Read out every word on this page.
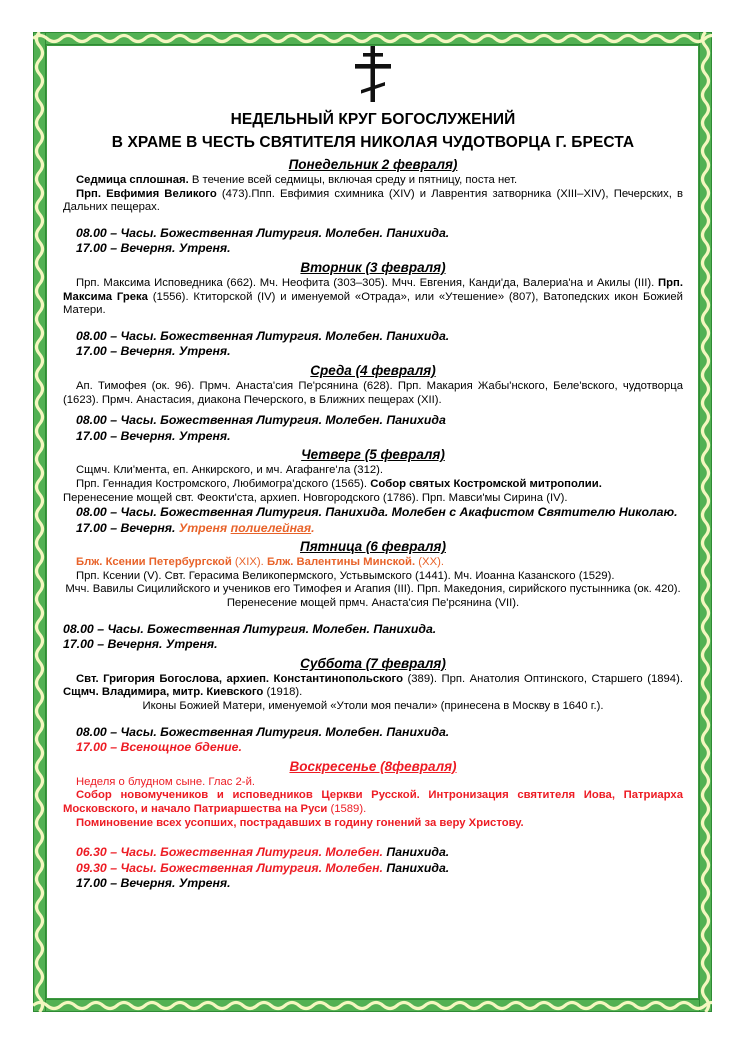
НЕДЕЛЬНЫЙ КРУГ БОГОСЛУЖЕНИЙ
В ХРАМЕ В ЧЕСТЬ СВЯТИТЕЛЯ НИКОЛАЯ ЧУДОТВОРЦА Г. БРЕСТА
Понедельник 2 февраля)

Седмица сплошная. В течение всей седмицы, включая среду и пятницу, поста нет.

Прп. Евфимия Великого (473).Ппп. Евфимия схимника (XIV) и Лаврентия затворника (XIII–XIV), Печерских, в Дальних пещерах.

08.00 – Часы. Божественная Литургия. Молебен. Панихида.

17.00 – Вечерня. Утреня.

Вторник (3 февраля)

Прп. Максима Исповедника (662). Мч. Неофита (303–305). Мчч. Евгения, Канди'да, Валериа'на и Акилы (III). Прп. Максима Грека (1556). Ктиторской (IV) и именуемой «Отрада», или «Утешение» (807), Ватопедских икон Божией Матери.

08.00 – Часы. Божественная Литургия. Молебен. Панихида.

17.00 – Вечерня. Утреня.

Среда (4 февраля)

Ап. Тимофея (ок. 96). Прмч. Анаста'сия Пе'рсянина (628). Прп. Макария Жабы'нского, Беле'вского, чудотворца (1623). Прмч. Анастасия, диакона Печерского, в Ближних пещерах (XII).

08.00 – Часы. Божественная Литургия. Молебен. Панихида

17.00 – Вечерня. Утреня.

Четверг (5 февраля)

Сщмч. Кли'мента, еп. Анкирского, и мч. Агафанге'ла (312).

Прп. Геннадия Костромского, Любимогра'дского (1565). Собор святых Костромской митрополии.

Перенесение мощей свт. Феокти'ста, архиеп. Новгородского (1786). Прп. Мавси'мы Сирина (IV).

08.00 – Часы. Божественная Литургия. Панихида. Молебен с Акафистом Святителю Николаю.

17.00 – Вечерня. Утреня полиелейная.

Пятница (6 февраля)

Блж. Ксении Петербургской (XIX). Блж. Валентины Минской. (XX).

Прп. Ксении (V). Свт. Герасима Великопермского, Устьвымского (1441). Мч. Иоанна Казанского (1529).

Мчч. Вавилы Сицилийского и учеников его Тимофея и Агапия (III). Прп. Македония, сирийского пустынника (ок. 420). Перенесение мощей прмч. Анаста'сия Пе'рсянина (VII).

08.00 – Часы. Божественная Литургия. Молебен. Панихида.

17.00 – Вечерня. Утреня.

Суббота (7 февраля)

Свт. Григория Богослова, архиеп. Константинопольского (389). Прп. Анатолия Оптинского, Старшего (1894). Сщмч. Владимира, митр. Киевского (1918).

Иконы Божией Матери, именуемой «Утоли моя печали» (принесена в Москву в 1640 г.).

08.00 – Часы. Божественная Литургия. Молебен. Панихида.

17.00 – Всенощное бдение.

Воскресенье (8февраля)

Неделя о блудном сыне. Глас 2-й.

Собор новомучеников и исповедников Церкви Русской. Интронизация святителя Иова, Патриарха Московского, и начало Патриаршества на Руси (1589).

Поминовение всех усопших, пострадавших в годину гонений за веру Христову.

06.30 – Часы. Божественная Литургия. Молебен. Панихида.

09.30 – Часы. Божественная Литургия. Молебен. Панихида.

17.00 – Вечерня. Утреня.
